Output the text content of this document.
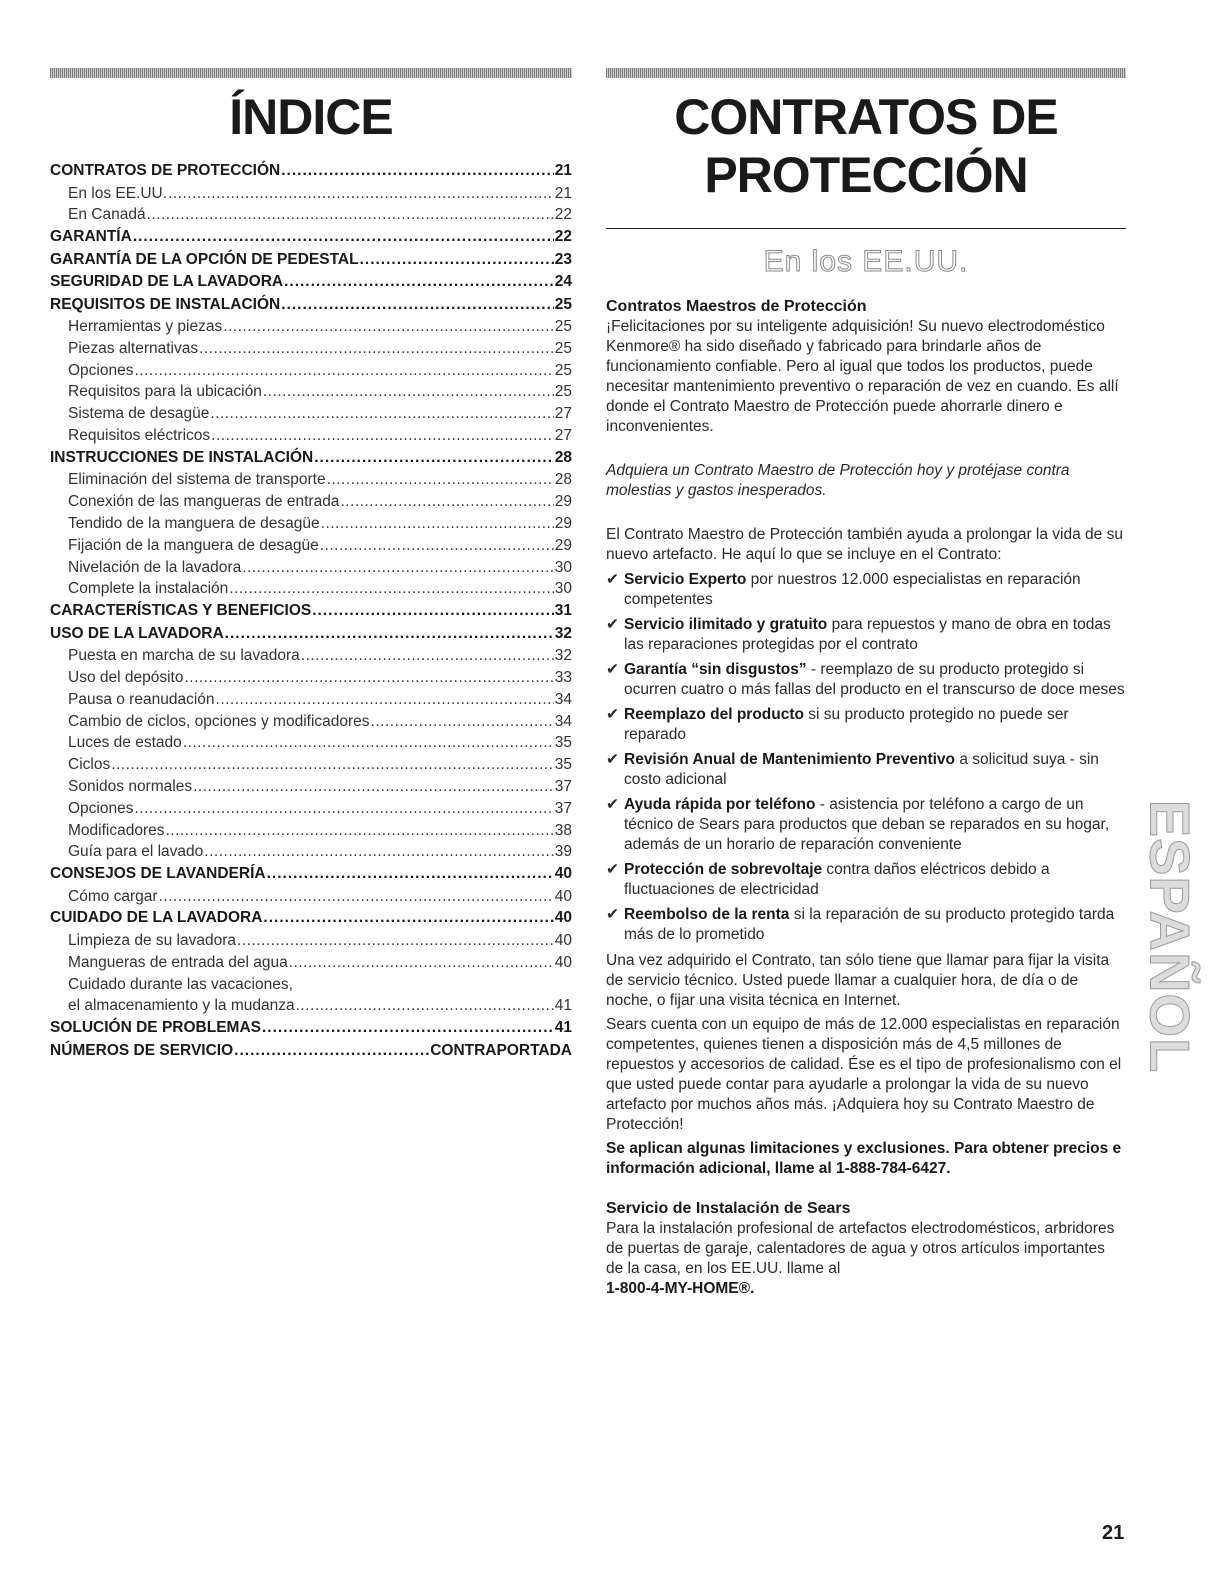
ÍNDICE
CONTRATOS DE PROTECCIÓN .....	21
En los EE.UU. .....	21
En Canadá .....	22
GARANTÍA .....	22
GARANTÍA DE LA OPCIÓN DE PEDESTAL .....	23
SEGURIDAD DE LA LAVADORA .....	24
REQUISITOS DE INSTALACIÓN .....	25
Herramientas y piezas .....	25
Piezas alternativas .....	25
Opciones .....	25
Requisitos para la ubicación .....	25
Sistema de desagüe .....	27
Requisitos eléctricos .....	27
INSTRUCCIONES DE INSTALACIÓN .....	28
Eliminación del sistema de transporte .....	28
Conexión de las mangueras de entrada .....	29
Tendido de la manguera de desagüe .....	29
Fijación de la manguera de desagüe .....	29
Nivelación de la lavadora .....	30
Complete la instalación .....	30
CARACTERÍSTICAS Y BENEFICIOS .....	31
USO DE LA LAVADORA .....	32
Puesta en marcha de su lavadora .....	32
Uso del depósito .....	33
Pausa o reanudación .....	34
Cambio de ciclos, opciones y modificadores .....	34
Luces de estado .....	35
Ciclos .....	35
Sonidos normales .....	37
Opciones .....	37
Modificadores .....	38
Guía para el lavado .....	39
CONSEJOS DE LAVANDERÍA .....	40
Cómo cargar .....	40
CUIDADO DE LA LAVADORA .....	40
Limpieza de su lavadora .....	40
Mangueras de entrada del agua .....	40
Cuidado durante las vacaciones,
el almacenamiento y la mudanza .....	41
SOLUCIÓN DE PROBLEMAS .....	41
NÚMEROS DE SERVICIO .....	CONTRAPORTADA
CONTRATOS DE
PROTECCIÓN
En los EE.UU.
Contratos Maestros de Protección

¡Felicitaciones por su inteligente adquisición! Su nuevo electrodoméstico Kenmore® ha sido diseñado y fabricado para brindarle años de funcionamiento confiable. Pero al igual que todos los productos, puede necesitar mantenimiento preventivo o reparación de vez en cuando. Es allí donde el Contrato Maestro de Protección puede ahorrarle dinero e inconvenientes.

Adquiera un Contrato Maestro de Protección hoy y protéjase contra molestias y gastos inesperados.

El Contrato Maestro de Protección también ayuda a prolongar la vida de su nuevo artefacto. He aquí lo que se incluye en el Contrato:

✔ Servicio Experto por nuestros 12.000 especialistas en reparación competentes

✔ Servicio ilimitado y gratuito para repuestos y mano de obra en todas las reparaciones protegidas por el contrato

✔ Garantía “sin disgustos” - reemplazo de su producto protegido si ocurren cuatro o más fallas del producto en el transcurso de doce meses

✔ Reemplazo del producto si su producto protegido no puede ser reparado

✔ Revisión Anual de Mantenimiento Preventivo a solicitud suya - sin costo adicional

✔ Ayuda rápida por teléfono - asistencia por teléfono a cargo de un técnico de Sears para productos que deban se reparados en su hogar, además de un horario de reparación conveniente

✔ Protección de sobrevoltaje contra daños eléctricos debido a fluctuaciones de electricidad

✔ Reembolso de la renta si la reparación de su producto protegido tarda más de lo prometido

Una vez adquirido el Contrato, tan sólo tiene que llamar para fijar la visita de servicio técnico. Usted puede llamar a cualquier hora, de día o de noche, o fijar una visita técnica en Internet.

Sears cuenta con un equipo de más de 12.000 especialistas en reparación competentes, quienes tienen a disposición más de 4,5 millones de repuestos y accesorios de calidad. Ése es el tipo de profesionalismo con el que usted puede contar para ayudarle a prolongar la vida de su nuevo artefacto por muchos años más. ¡Adquiera hoy su Contrato Maestro de Protección!

Se aplican algunas limitaciones y exclusiones. Para obtener precios e información adicional, llame al 1-888-784-6427.

Servicio de Instalación de Sears

Para la instalación profesional de artefactos electrodomésticos, arbridores de puertas de garaje, calentadores de agua y otros artículos importantes de la casa, en los EE.UU. llame al
1-800-4-MY-HOME®.

ESPAÑOL
21
